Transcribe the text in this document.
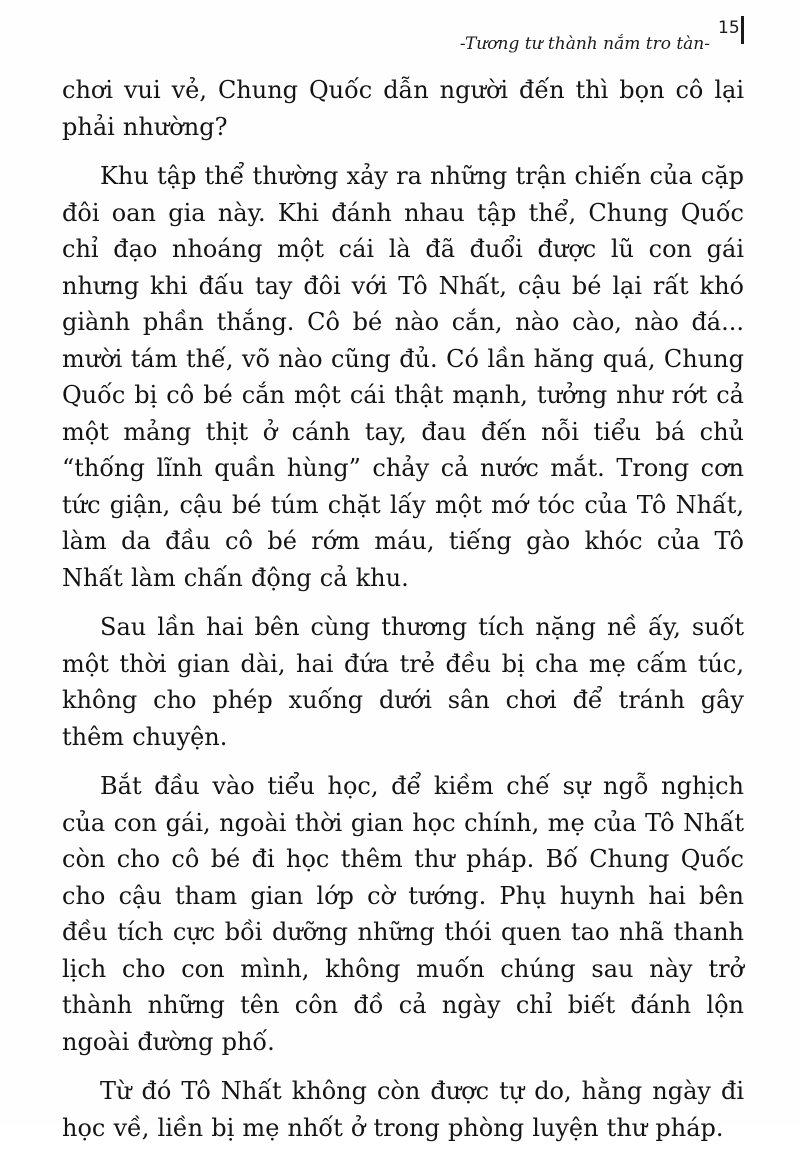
-Tương tư thành nắm tro tàn-
15

chơi vui vẻ, Chung Quốc dẫn người đến thì bọn cô lại phải nhường?

Khu tập thể thường xảy ra những trận chiến của cặp đôi oan gia này. Khi đánh nhau tập thể, Chung Quốc chỉ đạo nhoáng một cái là đã đuổi được lũ con gái nhưng khi đấu tay đôi với Tô Nhất, cậu bé lại rất khó giành phần thắng. Cô bé nào cắn, nào cào, nào đá... mười tám thế, võ nào cũng đủ. Có lần hăng quá, Chung Quốc bị cô bé cắn một cái thật mạnh, tưởng như rớt cả một mảng thịt ở cánh tay, đau đến nỗi tiểu bá chủ “thống lĩnh quần hùng” chảy cả nước mắt. Trong cơn tức giận, cậu bé túm chặt lấy một mớ tóc của Tô Nhất, làm da đầu cô bé rớm máu, tiếng gào khóc của Tô Nhất làm chấn động cả khu.

Sau lần hai bên cùng thương tích nặng nề ấy, suốt một thời gian dài, hai đứa trẻ đều bị cha mẹ cấm túc, không cho phép xuống dưới sân chơi để tránh gây thêm chuyện.

Bắt đầu vào tiểu học, để kiềm chế sự ngỗ nghịch của con gái, ngoài thời gian học chính, mẹ của Tô Nhất còn cho cô bé đi học thêm thư pháp. Bố Chung Quốc cho cậu tham gian lớp cờ tướng. Phụ huynh hai bên đều tích cực bồi dưỡng những thói quen tao nhã thanh lịch cho con mình, không muốn chúng sau này trở thành những tên côn đồ cả ngày chỉ biết đánh lộn ngoài đường phố.

Từ đó Tô Nhất không còn được tự do, hằng ngày đi học về, liền bị mẹ nhốt ở trong phòng luyện thư pháp.
